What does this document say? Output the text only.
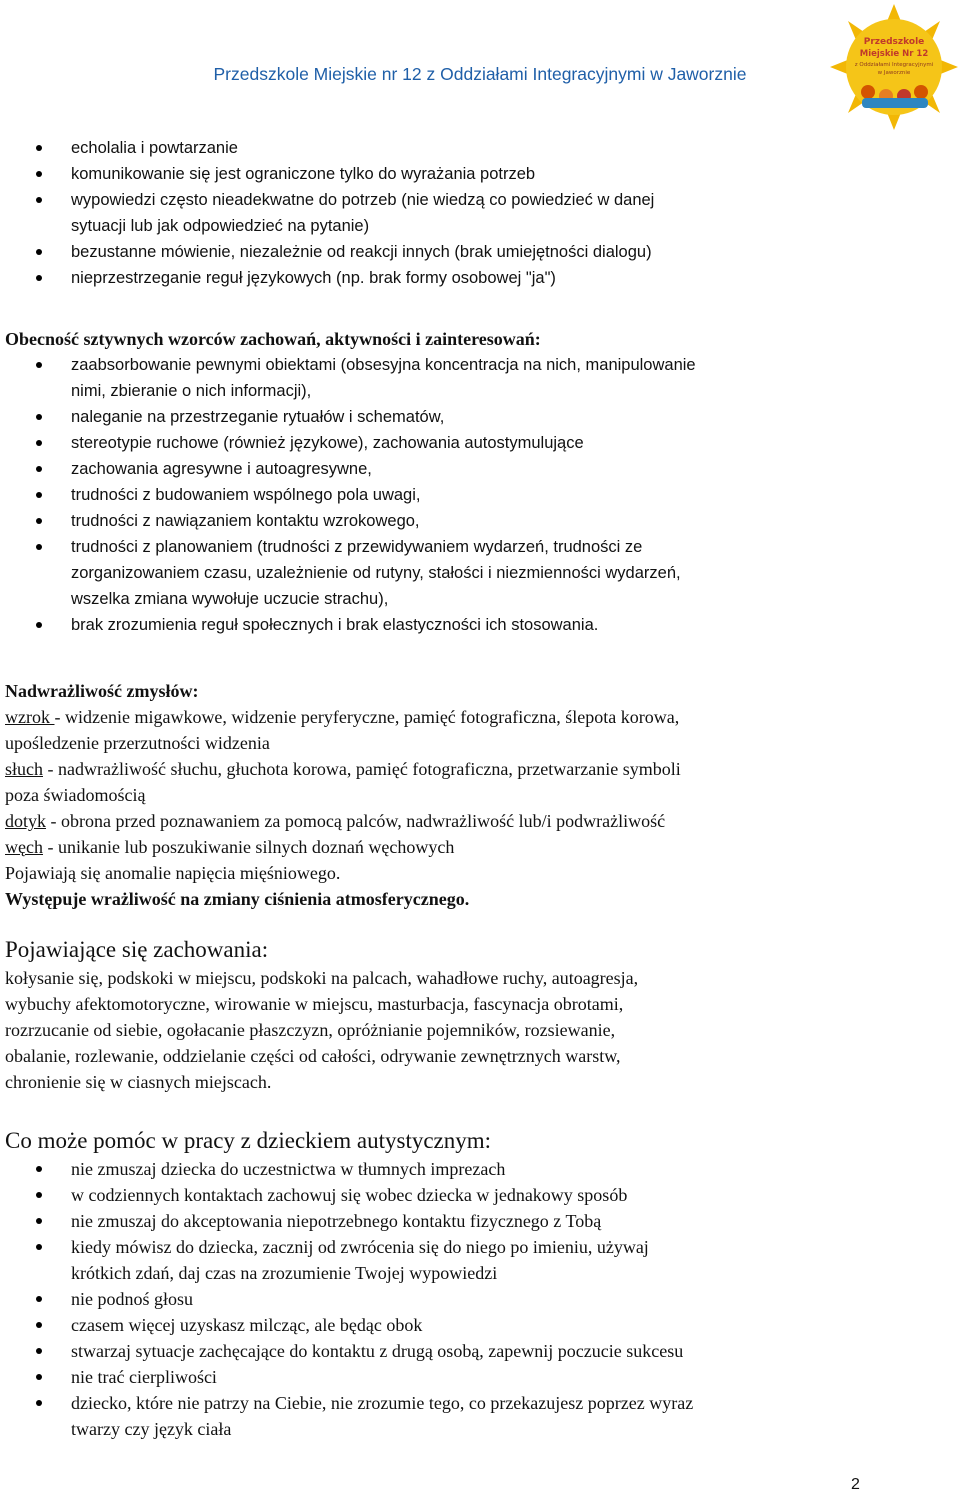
Przedszkole Miejskie nr 12 z Oddziałami Integracyjnymi w Jaworznie
Przedszkole
Miejskie Nr 12
z Oddziałami Integracyjnymi
w Jaworznie
echolalia i powtarzanie
komunikowanie się jest ograniczone tylko do wyrażania potrzeb
wypowiedzi często nieadekwatne do potrzeb (nie wiedzą co powiedzieć w danej
sytuacji lub jak odpowiedzieć na pytanie)
bezustanne mówienie, niezależnie od reakcji innych (brak umiejętności dialogu)
nieprzestrzeganie reguł językowych (np. brak formy osobowej "ja")
Obecność sztywnych wzorców zachowań, aktywności i zainteresowań:
zaabsorbowanie pewnymi obiektami (obsesyjna koncentracja na nich, manipulowanie
nimi, zbieranie o nich informacji),
naleganie na przestrzeganie rytuałów i schematów,
stereotypie ruchowe (również językowe), zachowania autostymulujące
zachowania agresywne i autoagresywne,
trudności z budowaniem wspólnego pola uwagi,
trudności z nawiązaniem kontaktu wzrokowego,
trudności z planowaniem (trudności z przewidywaniem wydarzeń, trudności ze
zorganizowaniem czasu, uzależnienie od rutyny, stałości i niezmienności wydarzeń,
wszelka zmiana wywołuje uczucie strachu),
brak zrozumienia reguł społecznych i brak elastyczności ich stosowania.
Nadwrażliwość zmysłów:
wzrok - widzenie migawkowe, widzenie peryferyczne, pamięć fotograficzna, ślepota korowa,
upośledzenie przerzutności widzenia
słuch - nadwrażliwość słuchu, głuchota korowa, pamięć fotograficzna, przetwarzanie symboli
poza świadomością
dotyk - obrona przed poznawaniem za pomocą palców, nadwrażliwość lub/i podwrażliwość
węch - unikanie lub poszukiwanie silnych doznań węchowych
Pojawiają się anomalie napięcia mięśniowego.
Występuje wrażliwość na zmiany ciśnienia atmosferycznego.
Pojawiające się zachowania:
kołysanie się, podskoki w miejscu, podskoki na palcach, wahadłowe ruchy, autoagresja,
wybuchy afektomotoryczne, wirowanie w miejscu, masturbacja, fascynacja obrotami,
rozrzucanie od siebie, ogołacanie płaszczyzn, opróżnianie pojemników, rozsiewanie,
obalanie, rozlewanie, oddzielanie części od całości, odrywanie zewnętrznych warstw,
chronienie się w ciasnych miejscach.
Co może pomóc w pracy z dzieckiem autystycznym:
nie zmuszaj dziecka do uczestnictwa w tłumnych imprezach
w codziennych kontaktach zachowuj się wobec dziecka w jednakowy sposób
nie zmuszaj do akceptowania niepotrzebnego kontaktu fizycznego z Tobą
kiedy mówisz do dziecka, zacznij od zwrócenia się do niego po imieniu, używaj
krótkich zdań, daj czas na zrozumienie Twojej wypowiedzi
nie podnoś głosu
czasem więcej uzyskasz milcząc, ale będąc obok
stwarzaj sytuacje zachęcające do kontaktu z drugą osobą, zapewnij poczucie sukcesu
nie trać cierpliwości
dziecko, które nie patrzy na Ciebie, nie zrozumie tego, co przekazujesz poprzez wyraz
twarzy czy język ciała
2
